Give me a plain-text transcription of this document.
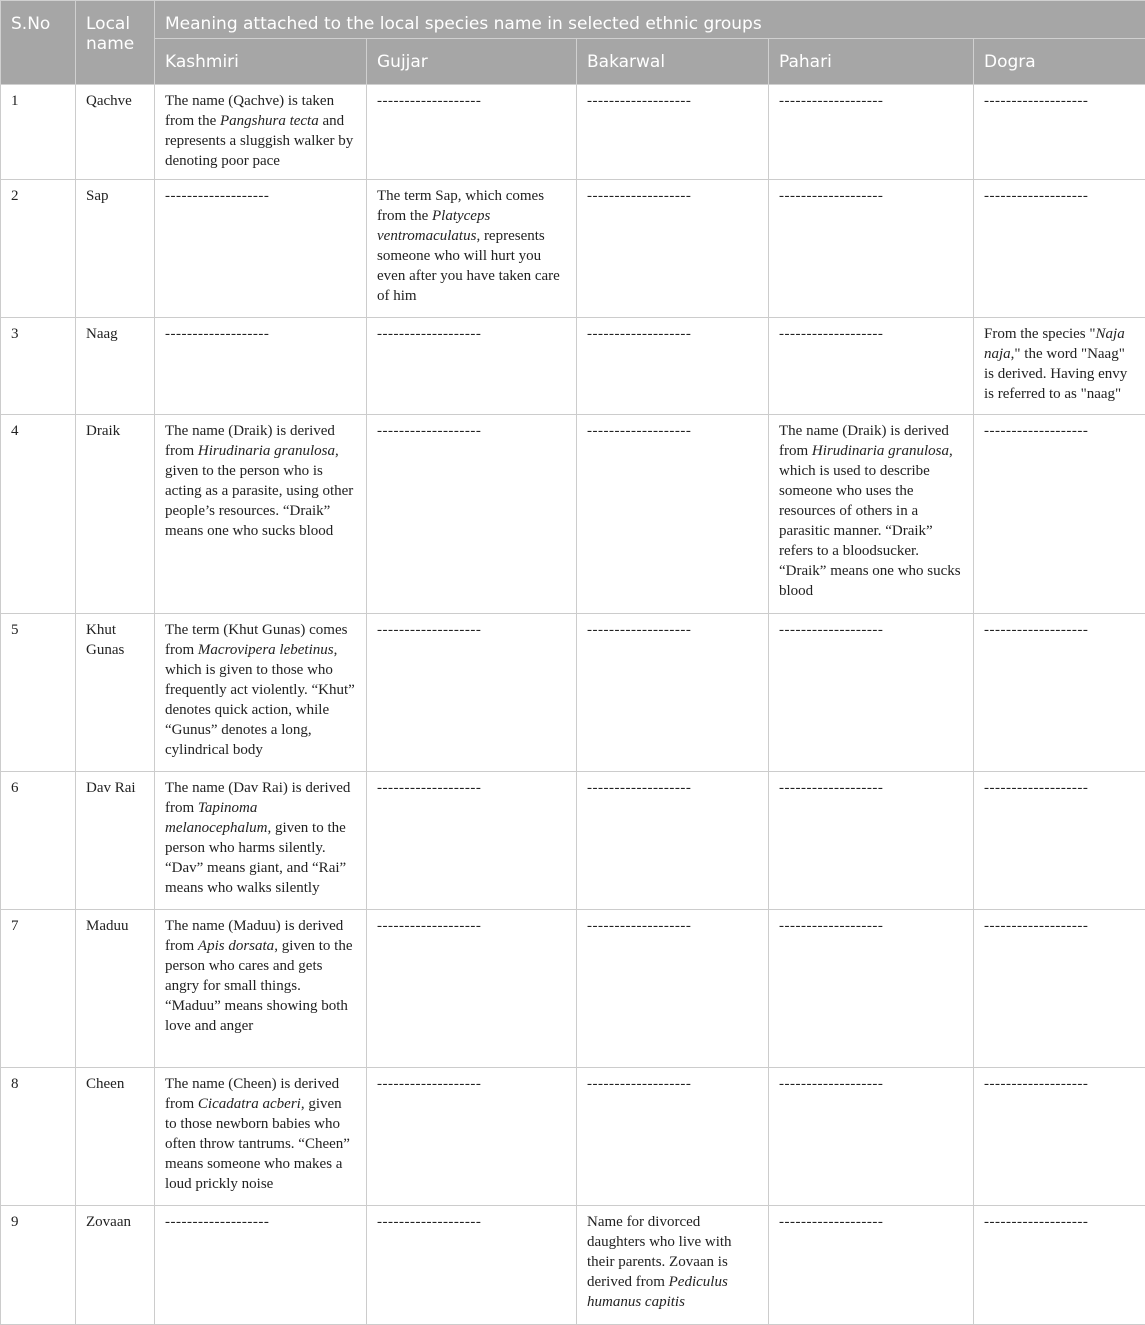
S.No	Local name	Meaning attached to the local species name in selected ethnic groups				
		Kashmiri	Gujjar	Bakarwal	Pahari	Dogra
1	Qachve	The name (Qachve) is taken from the Pangshura tecta and represents a sluggish walker by denoting poor pace	-------------------	-------------------	-------------------	-------------------
2	Sap	-------------------	The term Sap, which comes from the Platyceps ventromaculatus, represents someone who will hurt you even after you have taken care of him	-------------------	-------------------	-------------------
3	Naag	-------------------	-------------------	-------------------	-------------------	From the species "Naja naja," the word "Naag" is derived. Having envy is referred to as "naag"
4	Draik	The name (Draik) is derived from Hirudinaria granulosa, given to the person who is acting as a parasite, using other people’s resources. “Draik” means one who sucks blood	-------------------	-------------------	The name (Draik) is derived from Hirudinaria granulosa, which is used to describe someone who uses the resources of others in a parasitic manner. “Draik” refers to a bloodsucker. “Draik” means one who sucks blood	-------------------
5	Khut Gunas	The term (Khut Gunas) comes from Macrovipera lebetinus, which is given to those who frequently act violently. “Khut” denotes quick action, while “Gunus” denotes a long, cylindrical body	-------------------	-------------------	-------------------	-------------------
6	Dav Rai	The name (Dav Rai) is derived from Tapinoma melanocephalum, given to the person who harms silently. “Dav” means giant, and “Rai” means who walks silently	-------------------	-------------------	-------------------	-------------------
7	Maduu	The name (Maduu) is derived from Apis dorsata, given to the person who cares and gets angry for small things. “Maduu” means showing both love and anger	-------------------	-------------------	-------------------	-------------------
8	Cheen	The name (Cheen) is derived from Cicadatra acberi, given to those newborn babies who often throw tantrums. “Cheen” means someone who makes a loud prickly noise	-------------------	-------------------	-------------------	-------------------
9	Zovaan	-------------------	-------------------	Name for divorced daughters who live with their parents. Zovaan is derived from Pediculus humanus capitis	-------------------	-------------------
